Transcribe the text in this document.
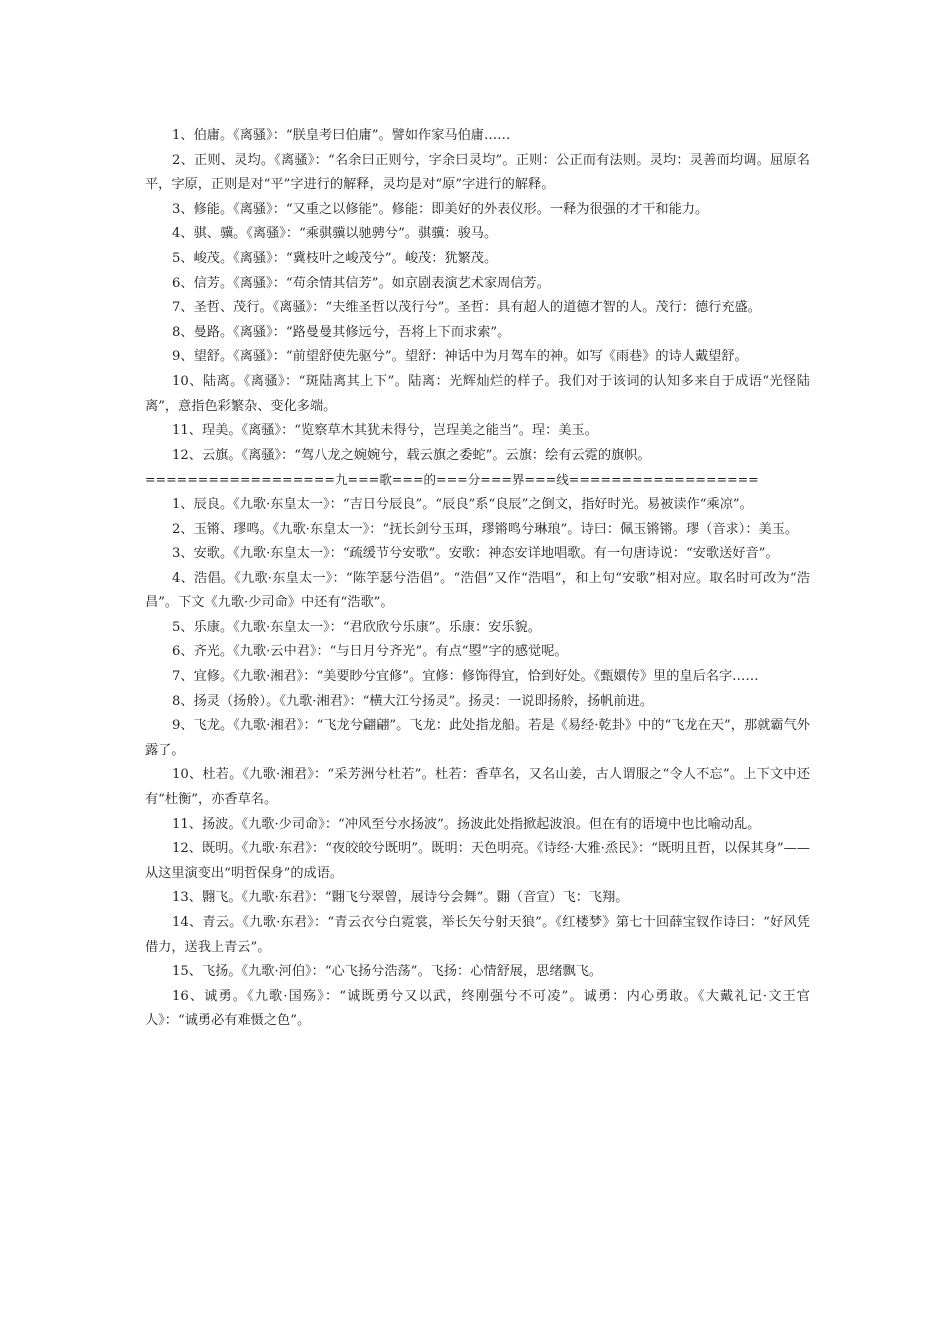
1、伯庸。《离骚》：“朕皇考曰伯庸”。譬如作家马伯庸……

2、正则、灵均。《离骚》：“名余曰正则兮，字余曰灵均”。正则：公正而有法则。灵均：灵善而均调。屈原名平，字原，正则是对“平”字进行的解释，灵均是对“原”字进行的解释。

3、修能。《离骚》：“又重之以修能”。修能：即美好的外表仪形。一释为很强的才干和能力。

4、骐、骥。《离骚》：“乘骐骥以驰骋兮”。骐骥：骏马。

5、峻茂。《离骚》：“冀枝叶之峻茂兮”。峻茂：犹繁茂。

6、信芳。《离骚》：“苟余情其信芳”。如京剧表演艺术家周信芳。

7、圣哲、茂行。《离骚》：“夫维圣哲以茂行兮”。圣哲：具有超人的道德才智的人。茂行：德行充盛。

8、曼路。《离骚》：“路曼曼其修远兮，吾将上下而求索”。

9、望舒。《离骚》：“前望舒使先驱兮”。望舒：神话中为月驾车的神。如写《雨巷》的诗人戴望舒。

10、陆离。《离骚》：“斑陆离其上下”。陆离：光辉灿烂的样子。我们对于该词的认知多来自于成语“光怪陆离”，意指色彩繁杂、变化多端。

11、珵美。《离骚》：“览察草木其犹未得兮，岂珵美之能当”。珵：美玉。

12、云旗。《离骚》：“驾八龙之婉婉兮，载云旗之委蛇”。云旗：绘有云霓的旗帜。

==================九===歌===的===分===界===线==================

1、辰良。《九歌·东皇太一》：“吉日兮辰良”。“辰良”系“良辰”之倒文，指好时光。易被读作“乘凉”。

2、玉锵、璆鸣。《九歌·东皇太一》：“抚长剑兮玉珥，璆锵鸣兮琳琅”。诗曰：佩玉锵锵。璆（音求）：美玉。

3、安歌。《九歌·东皇太一》：“疏缓节兮安歌”。安歌：神态安详地唱歌。有一句唐诗说：“安歌送好音”。

4、浩倡。《九歌·东皇太一》：“陈竽瑟兮浩倡”。“浩倡”又作“浩唱”，和上句“安歌”相对应。取名时可改为“浩昌”。下文《九歌·少司命》中还有“浩歌”。

5、乐康。《九歌·东皇太一》：“君欣欣兮乐康”。乐康：安乐貌。

6、齐光。《九歌·云中君》：“与日月兮齐光”。有点“曌”字的感觉呢。

7、宜修。《九歌·湘君》：“美要眇兮宜修”。宜修：修饰得宜，恰到好处。《甄嬛传》里的皇后名字……

8、扬灵（扬舲）。《九歌·湘君》：“横大江兮扬灵”。扬灵：一说即扬舲，扬帆前进。

9、飞龙。《九歌·湘君》：“飞龙兮翩翩”。飞龙：此处指龙船。若是《易经·乾卦》中的“飞龙在天”，那就霸气外露了。

10、杜若。《九歌·湘君》：“采芳洲兮杜若”。杜若：香草名，又名山姜，古人谓服之“令人不忘”。上下文中还有“杜衡”，亦香草名。

11、扬波。《九歌·少司命》：“冲风至兮水扬波”。扬波此处指掀起波浪。但在有的语境中也比喻动乱。

12、既明。《九歌·东君》：“夜皎皎兮既明”。既明：天色明亮。《诗经·大雅·烝民》：“既明且哲，以保其身”——从这里演变出“明哲保身”的成语。

13、翾飞。《九歌·东君》：“翾飞兮翠曾，展诗兮会舞”。翾（音宣）飞：飞翔。

14、青云。《九歌·东君》：“青云衣兮白霓裳，举长矢兮射天狼”。《红楼梦》第七十回薛宝钗作诗曰：“好风凭借力，送我上青云”。

15、飞扬。《九歌·河伯》：“心飞扬兮浩荡”。飞扬：心情舒展，思绪飘飞。

16、诚勇。《九歌·国殇》：“诚既勇兮又以武，终刚强兮不可凌”。诚勇：内心勇敢。《大戴礼记·文王官人》：“诚勇必有难慑之色”。
